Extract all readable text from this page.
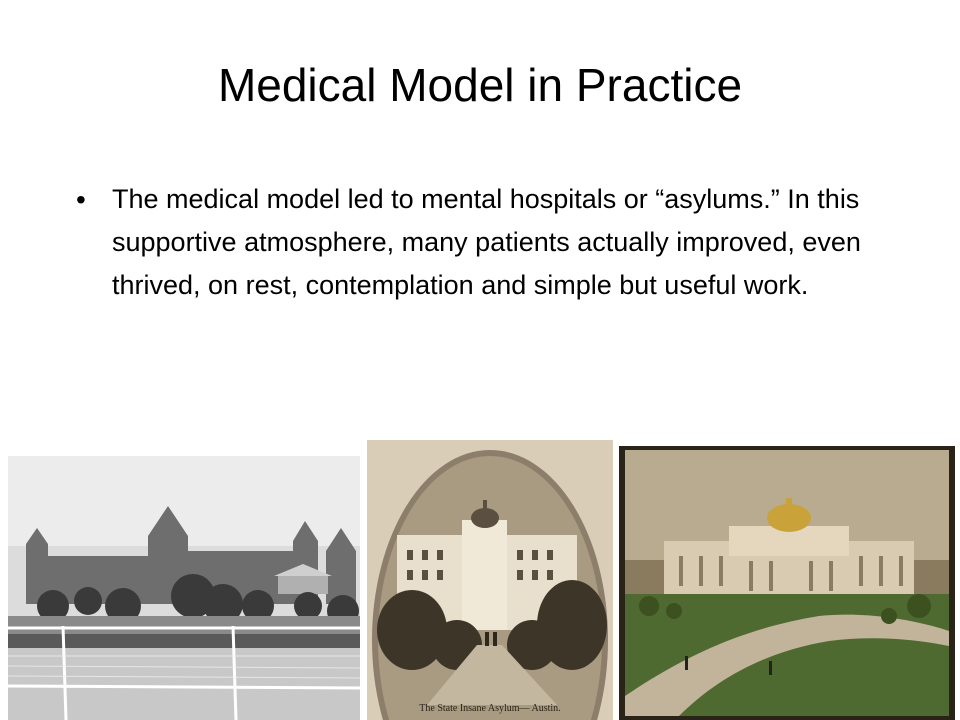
Medical Model in Practice
• The medical model led to mental hospitals or “asylums.” In this supportive atmosphere, many patients actually improved, even thrived, on rest, contemplation and simple but useful work.
The State Insane Asylum— Austin.
